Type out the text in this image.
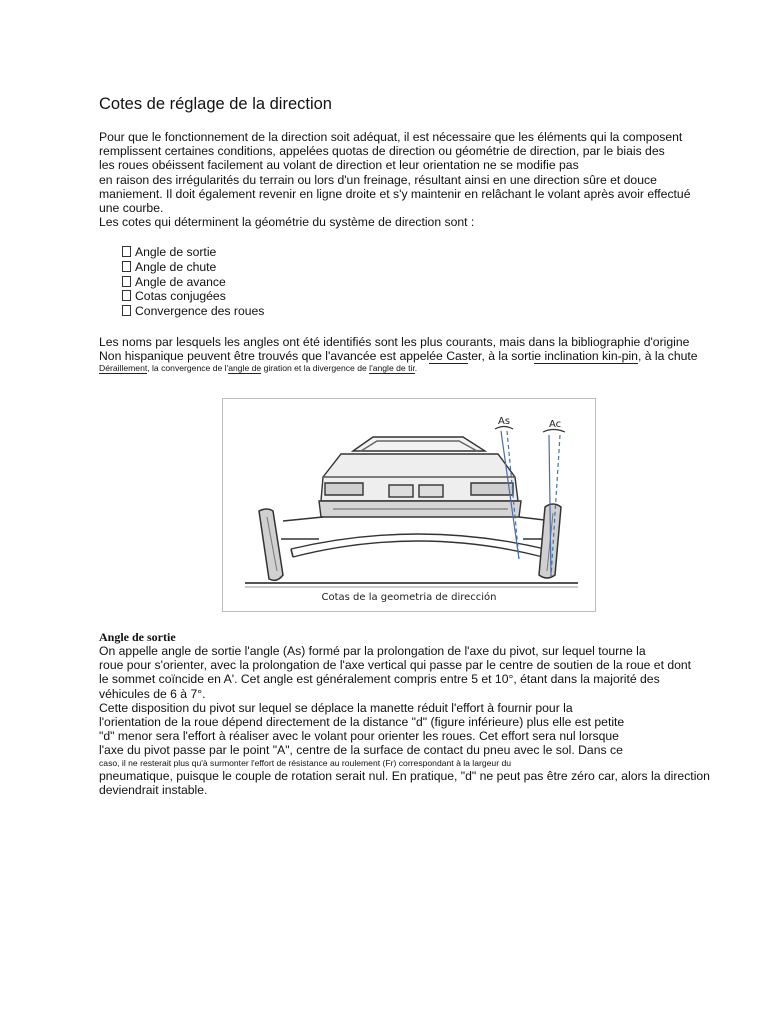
Cotes de réglage de la direction

Pour que le fonctionnement de la direction soit adéquat, il est nécessaire que les éléments qui la composent
remplissent certaines conditions, appelées quotas de direction ou géométrie de direction, par le biais des
les roues obéissent facilement au volant de direction et leur orientation ne se modifie pas
en raison des irrégularités du terrain ou lors d'un freinage, résultant ainsi en une direction sûre et douce
maniement. Il doit également revenir en ligne droite et s'y maintenir en relâchant le volant après avoir effectué
une courbe.
Les cotes qui déterminent la géométrie du système de direction sont :

Angle de sortie
Angle de chute
Angle de avance
Cotas conjugées
Convergence des roues

Les noms par lesquels les angles ont été identifiés sont les plus courants, mais dans la bibliographie d'origine
Non hispanique peuvent être trouvés que l'avancée est appelée Caster, à la sortie inclination kin-pin, à la chute
Déraillement, la convergence de l'angle de giration et la divergence de l'angle de tir.

As	Ac
Cotas de la geometria de dirección
Angle de sortie

On appelle angle de sortie l'angle (As) formé par la prolongation de l'axe du pivot, sur lequel tourne la
roue pour s'orienter, avec la prolongation de l'axe vertical qui passe par le centre de soutien de la roue et dont
le sommet coïncide en A'. Cet angle est généralement compris entre 5 et 10°, étant dans la majorité des
véhicules de 6 à 7°.
Cette disposition du pivot sur lequel se déplace la manette réduit l'effort à fournir pour la
l'orientation de la roue dépend directement de la distance "d" (figure inférieure) plus elle est petite
"d" menor sera l'effort à réaliser avec le volant pour orienter les roues. Cet effort sera nul lorsque
l'axe du pivot passe par le point "A", centre de la surface de contact du pneu avec le sol. Dans ce
caso, il ne resterait plus qu'à surmonter l'effort de résistance au roulement (Fr) correspondant à la largeur du
pneumatique, puisque le couple de rotation serait nul. En pratique, "d" ne peut pas être zéro car, alors la direction
deviendrait instable.
